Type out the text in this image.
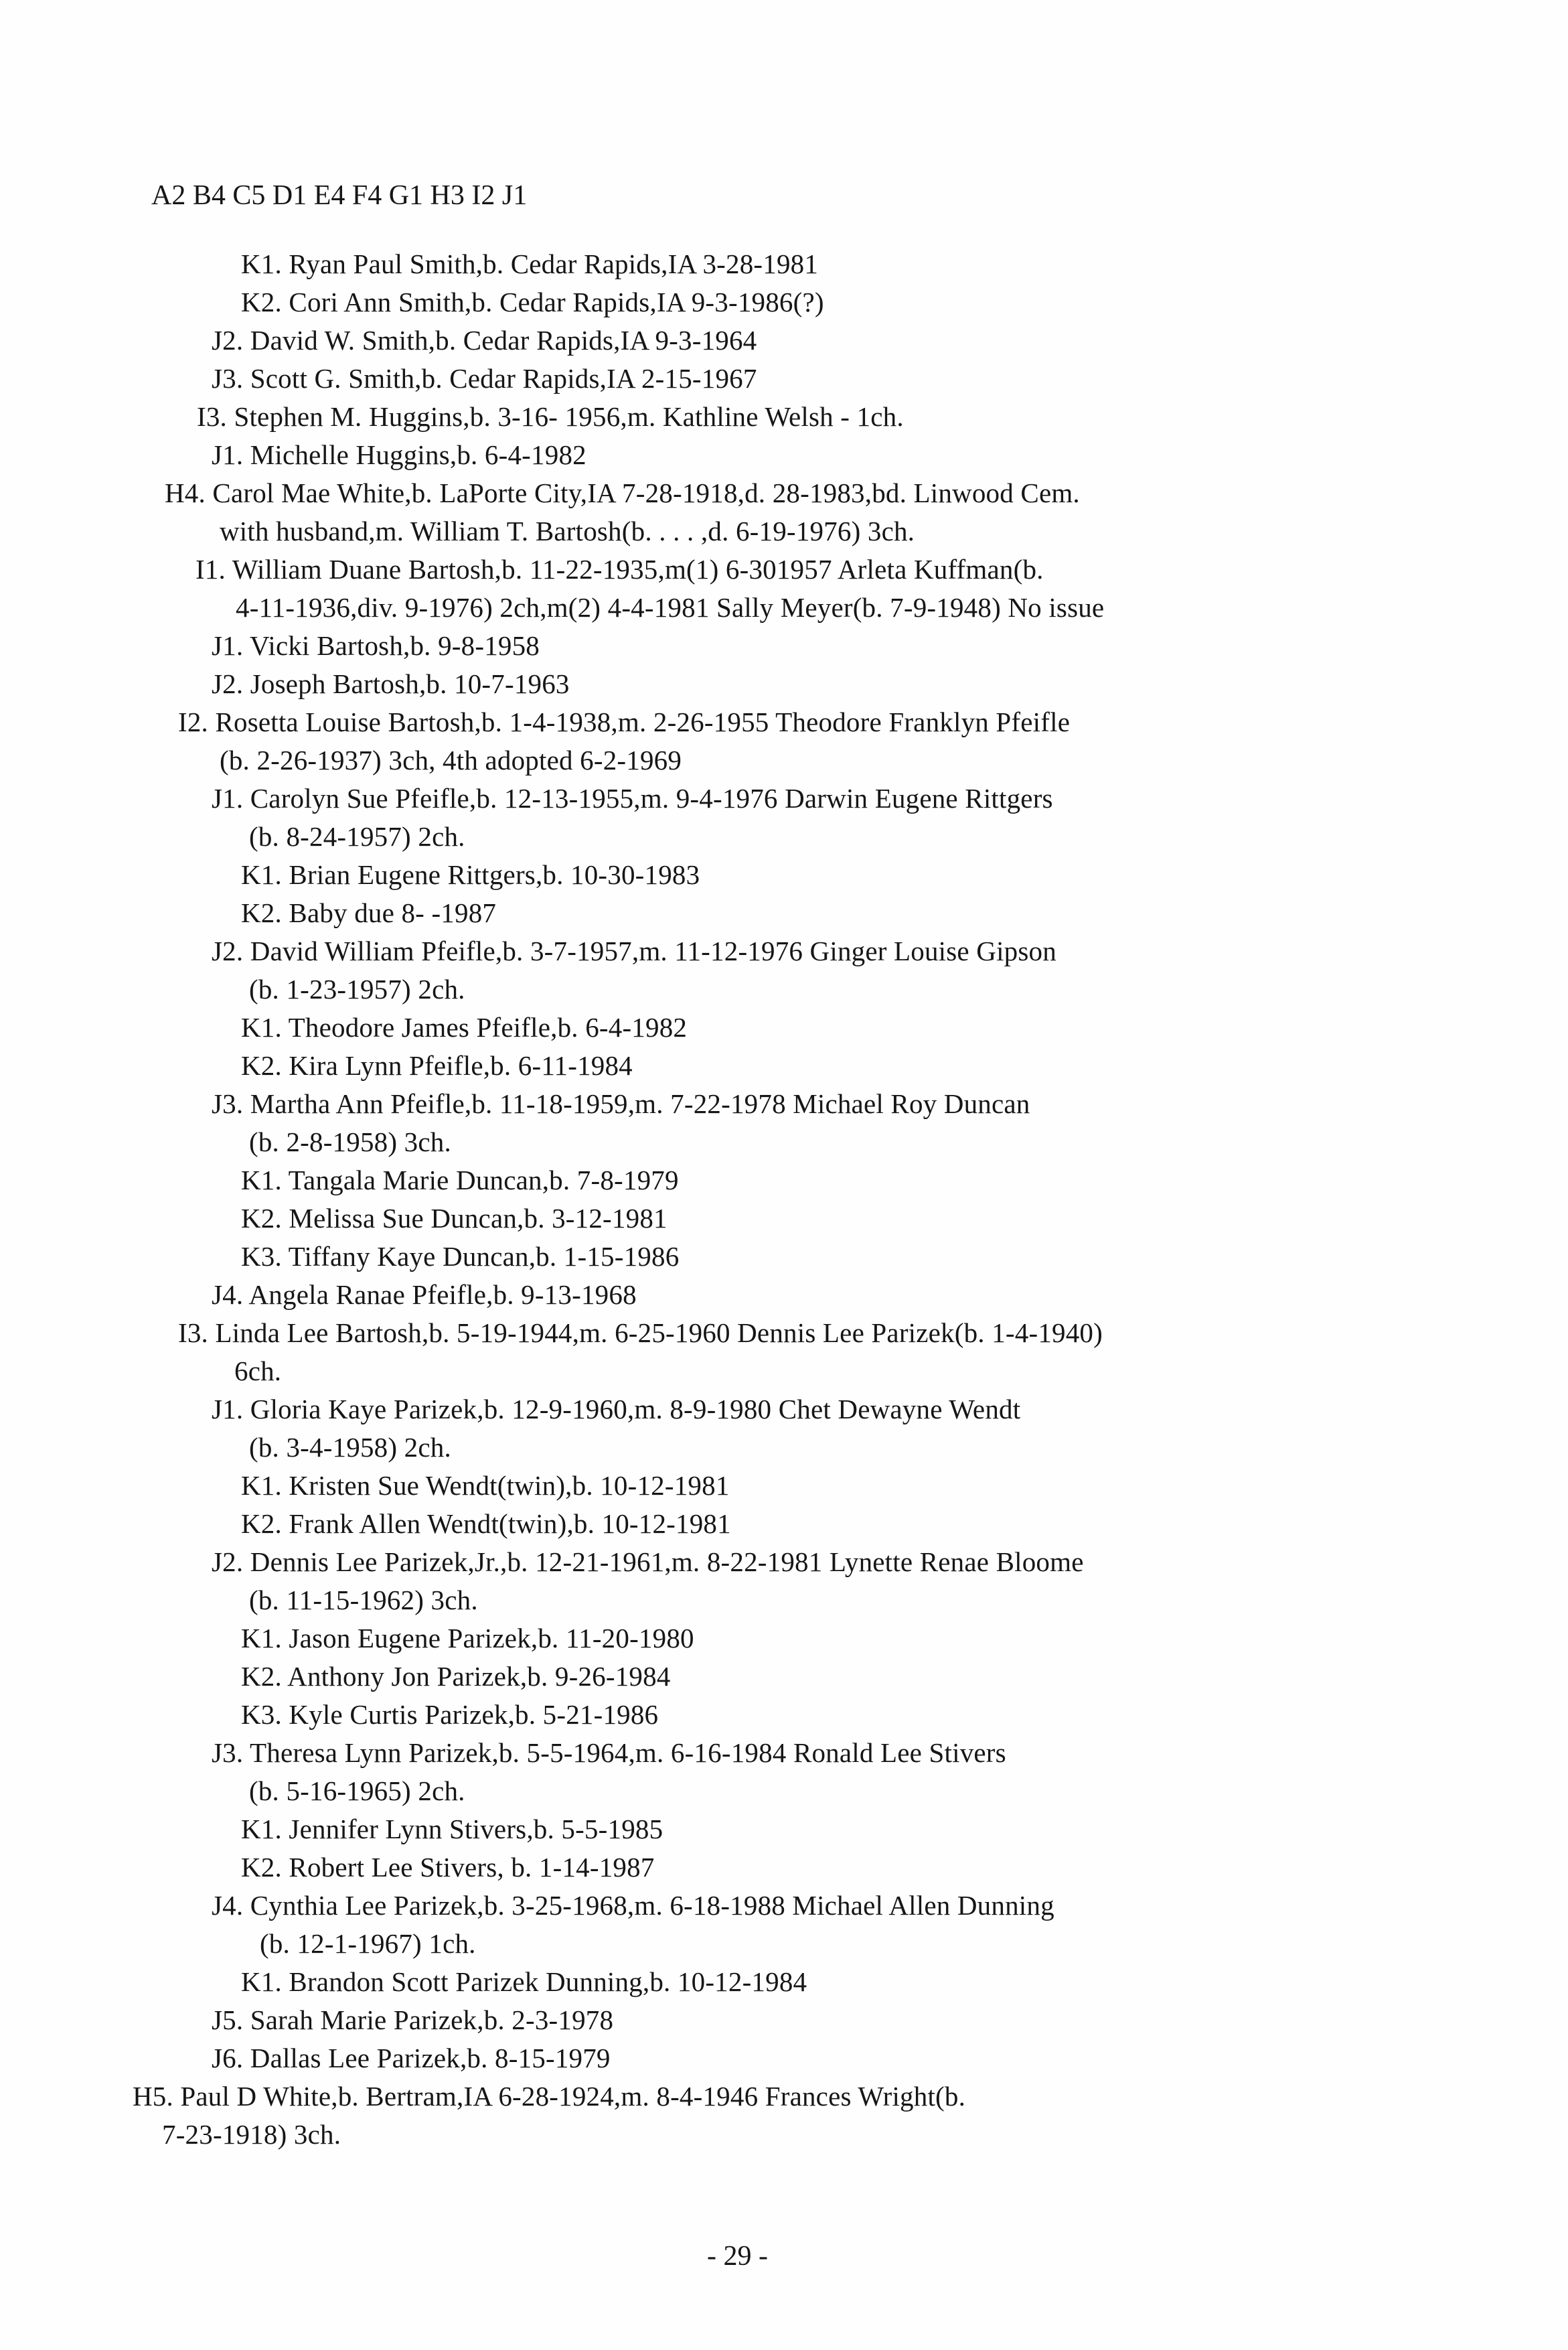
A2 B4 C5 D1 E4 F4 G1 H3 I2 J1
K1. Ryan Paul Smith,b. Cedar Rapids,IA 3-28-1981
K2. Cori Ann Smith,b. Cedar Rapids,IA 9-3-1986(?)
J2. David W. Smith,b. Cedar Rapids,IA 9-3-1964
J3. Scott G. Smith,b. Cedar Rapids,IA 2-15-1967
I3. Stephen M. Huggins,b. 3-16- 1956,m. Kathline Welsh - 1ch.
J1. Michelle Huggins,b. 6-4-1982
H4. Carol Mae White,b. LaPorte City,IA 7-28-1918,d. 28-1983,bd. Linwood Cem.
with husband,m. William T. Bartosh(b. . . . ,d. 6-19-1976) 3ch.
I1. William Duane Bartosh,b. 11-22-1935,m(1) 6-301957 Arleta Kuffman(b.
4-11-1936,div. 9-1976) 2ch,m(2) 4-4-1981 Sally Meyer(b. 7-9-1948) No issue
J1. Vicki Bartosh,b. 9-8-1958
J2. Joseph Bartosh,b. 10-7-1963
I2. Rosetta Louise Bartosh,b. 1-4-1938,m. 2-26-1955 Theodore Franklyn Pfeifle
(b. 2-26-1937) 3ch, 4th adopted 6-2-1969
J1. Carolyn Sue Pfeifle,b. 12-13-1955,m. 9-4-1976 Darwin Eugene Rittgers
(b. 8-24-1957) 2ch.
K1. Brian Eugene Rittgers,b. 10-30-1983
K2. Baby due 8- -1987
J2. David William Pfeifle,b. 3-7-1957,m. 11-12-1976 Ginger Louise Gipson
(b. 1-23-1957) 2ch.
K1. Theodore James Pfeifle,b. 6-4-1982
K2. Kira Lynn Pfeifle,b. 6-11-1984
J3. Martha Ann Pfeifle,b. 11-18-1959,m. 7-22-1978 Michael Roy Duncan
(b. 2-8-1958) 3ch.
K1. Tangala Marie Duncan,b. 7-8-1979
K2. Melissa Sue Duncan,b. 3-12-1981
K3. Tiffany Kaye Duncan,b. 1-15-1986
J4. Angela Ranae Pfeifle,b. 9-13-1968
I3. Linda Lee Bartosh,b. 5-19-1944,m. 6-25-1960 Dennis Lee Parizek(b. 1-4-1940)
6ch.
J1. Gloria Kaye Parizek,b. 12-9-1960,m. 8-9-1980 Chet Dewayne Wendt
(b. 3-4-1958) 2ch.
K1. Kristen Sue Wendt(twin),b. 10-12-1981
K2. Frank Allen Wendt(twin),b. 10-12-1981
J2. Dennis Lee Parizek,Jr.,b. 12-21-1961,m. 8-22-1981 Lynette Renae Bloome
(b. 11-15-1962) 3ch.
K1. Jason Eugene Parizek,b. 11-20-1980
K2. Anthony Jon Parizek,b. 9-26-1984
K3. Kyle Curtis Parizek,b. 5-21-1986
J3. Theresa Lynn Parizek,b. 5-5-1964,m. 6-16-1984 Ronald Lee Stivers
(b. 5-16-1965) 2ch.
K1. Jennifer Lynn Stivers,b. 5-5-1985
K2. Robert Lee Stivers, b. 1-14-1987
J4. Cynthia Lee Parizek,b. 3-25-1968,m. 6-18-1988 Michael Allen Dunning
(b. 12-1-1967) 1ch.
K1. Brandon Scott Parizek Dunning,b. 10-12-1984
J5. Sarah Marie Parizek,b. 2-3-1978
J6. Dallas Lee Parizek,b. 8-15-1979
H5. Paul D White,b. Bertram,IA 6-28-1924,m. 8-4-1946 Frances Wright(b.
7-23-1918) 3ch.
- 29 -
